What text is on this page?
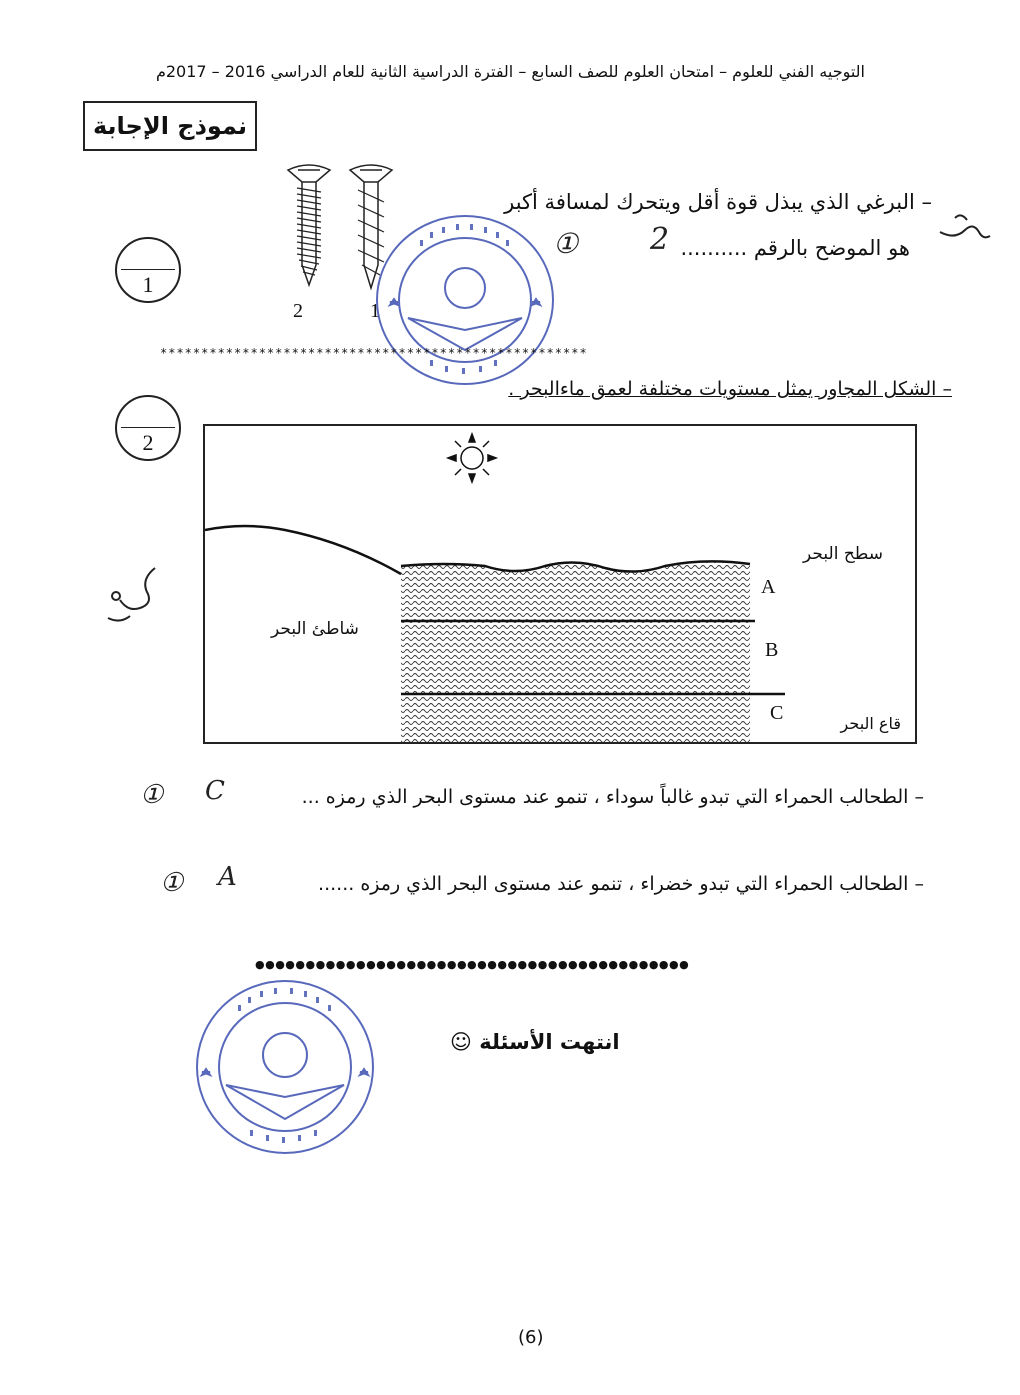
التوجيه الفني للعلوم – امتحان العلوم للصف السابع – الفترة الدراسية الثانية للعام الدراسي 2016 – 2017م
نموذج الإجابة
1
2	1
– البرغي الذي يبذل قوة أقل ويتحرك لمسافة أكبر
هو الموضح بالرقم ..........
2
①
****************************************************
2
– الشكل المجاور يمثل مستويات مختلفة لعمق ماءالبحر .
سطح البحر
شاطئ البحر
قاع البحر
A
B
C
– الطحالب الحمراء التي تبدو غالباً سوداء ، تنمو عند مستوى البحر الذي رمزه ...
C
①
– الطحالب الحمراء التي تبدو خضراء ، تنمو عند مستوى البحر الذي رمزه ......
A
①
●●●●●●●●●●●●●●●●●●●●●●●●●●●●●●●●●●●●●●●●●●●
انتهت الأسئلة ☺
(6)
